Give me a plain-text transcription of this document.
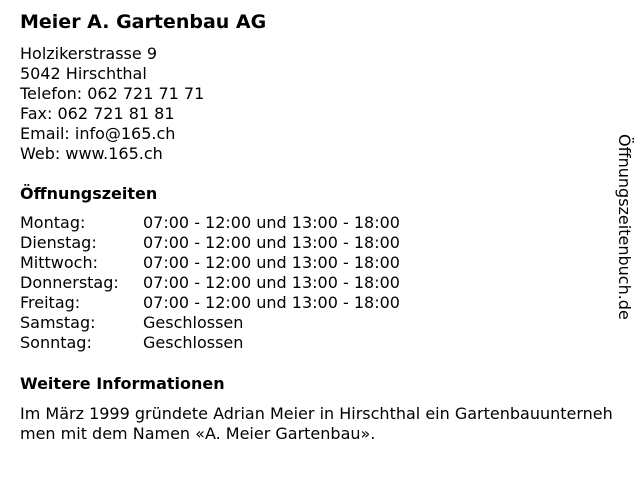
Meier A. Gartenbau AG
Holzikerstrasse 9
5042 Hirschthal
Telefon: 062 721 71 71
Fax: 062 721 81 81
Email: info@165.ch
Web: www.165.ch
Öffnungszeiten
Montag:	07:00 - 12:00 und 13:00 - 18:00
Dienstag:	07:00 - 12:00 und 13:00 - 18:00
Mittwoch:	07:00 - 12:00 und 13:00 - 18:00
Donnerstag:	07:00 - 12:00 und 13:00 - 18:00
Freitag:	07:00 - 12:00 und 13:00 - 18:00
Samstag:	Geschlossen
Sonntag:	Geschlossen
Weitere Informationen
Im März 1999 gründete Adrian Meier in Hirschthal ein Gartenbauunternehmen mit dem Namen «A. Meier Gartenbau».
Öffnungszeitenbuch.de
